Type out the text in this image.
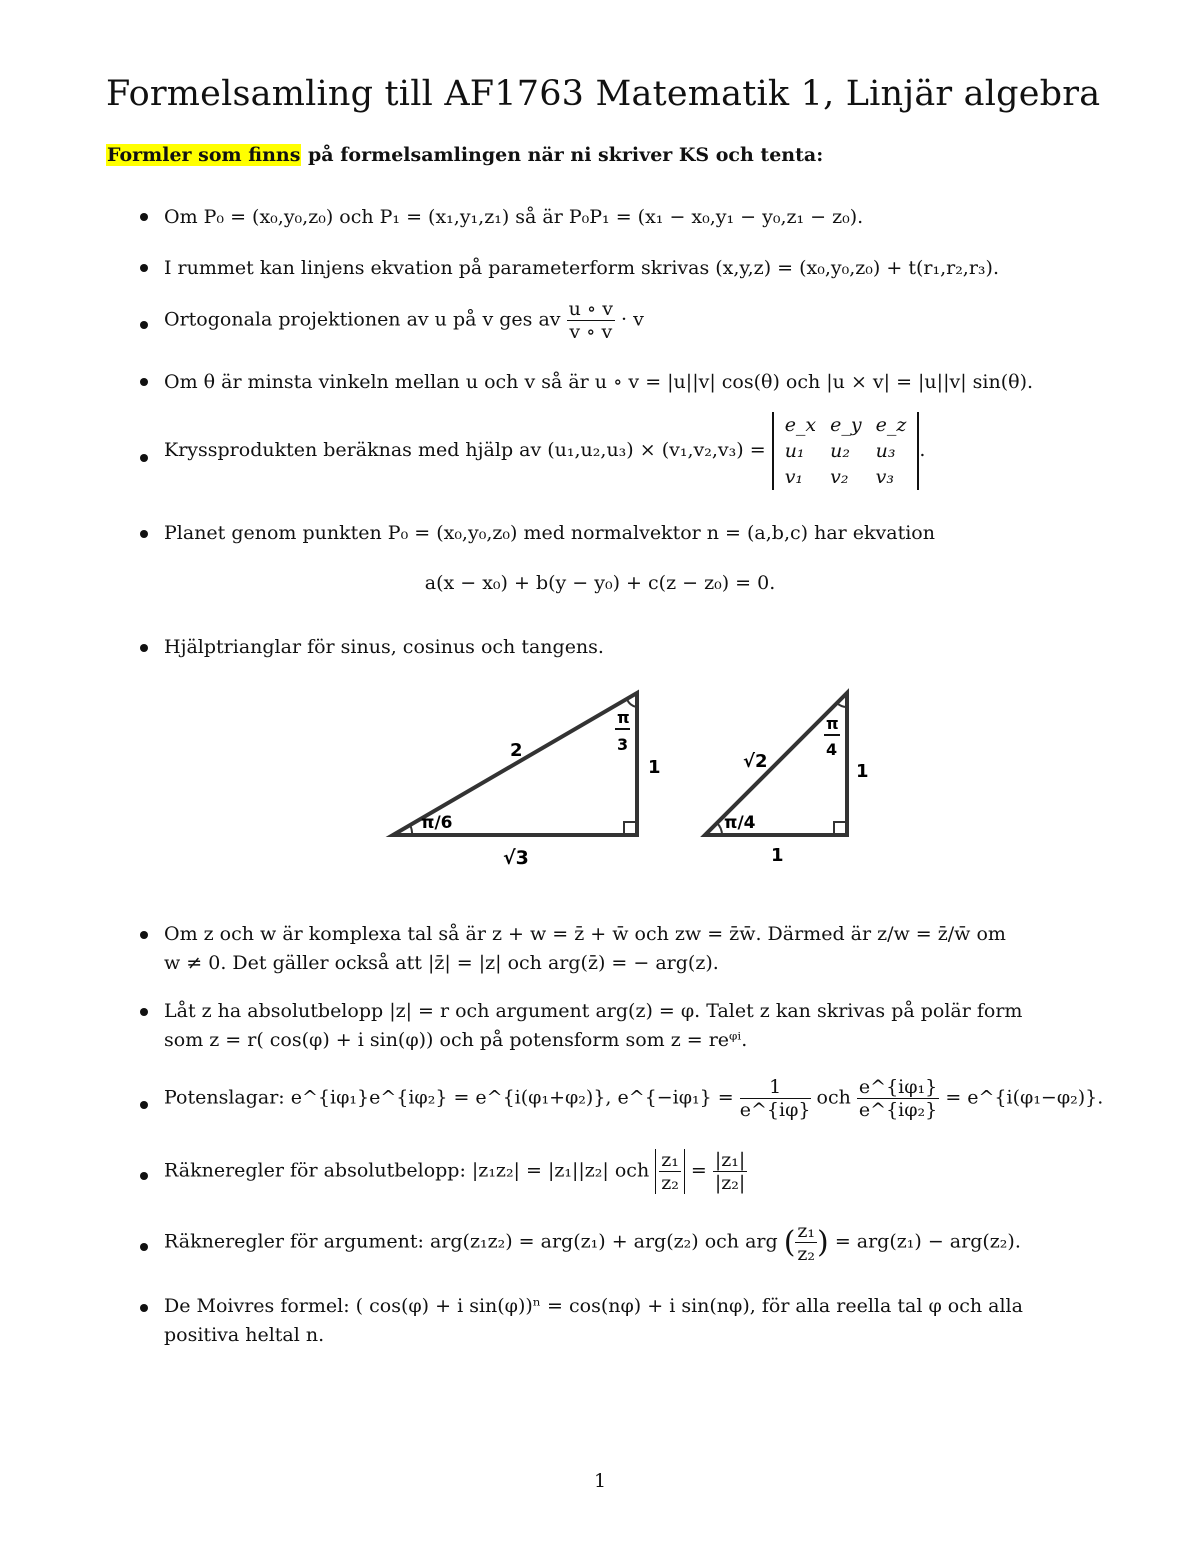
Formelsamling till AF1763 Matematik 1, Linjär algebra
Formler som finns på formelsamlingen när ni skriver KS och tenta:
Om P₀ = (x₀,y₀,z₀) och P₁ = (x₁,y₁,z₁) så är P₀P₁ = (x₁ − x₀,y₁ − y₀,z₁ − z₀).
I rummet kan linjens ekvation på parameterform skrivas (x,y,z) = (x₀,y₀,z₀) + t(r₁,r₂,r₃).
Ortogonala projektionen av u på v ges av $\frac{u \circ v}{v \circ v} \cdot v$
Om θ är minsta vinkeln mellan u och v så är u ∘ v = |u||v| cos(θ) och |u × v| = |u||v| sin(θ).
Kryssprodukten beräknas med hjälp av (u₁,u₂,u₃) × (v₁,v₂,v₃) =
e_x	e_y	e_z
u₁	u₂	u₃
v₁	v₂	v₃
.
Planet genom punkten P₀ = (x₀,y₀,z₀) med normalvektor n = (a,b,c) har ekvation
a(x − x₀) + b(y − y₀) + c(z − z₀) = 0.
Hjälptrianglar för sinus, cosinus och tangens.
2
1
√3
π/6
π
3
√2	1
1
π/4
π
4
Om z och w är komplexa tal så är z + w = z̄ + w̄ och zw = z̄w̄. Därmed är z/w = z̄/w̄ om
w ≠ 0. Det gäller också att |z̄| = |z| och arg(z̄) = − arg(z).
Låt z ha absolutbelopp |z| = r och argument arg(z) = φ. Talet z kan skrivas på polär form
som z = r( cos(φ) + i sin(φ)) och på potensform som z = reᵠⁱ.
Potenslagar: e^{iφ₁}e^{iφ₂} = e^{i(φ₁+φ₂)}, e^{−iφ₁} = $\frac{1}{e\^{}\{i\varphi\}}$ och $\frac{\text{e\textasciicircum{}\{iφ₁\}}}{\text{e\textasciicircum{}\{iφ₂\}}}$ = e^{i(φ₁−φ₂)}.
Räkneregler för absolutbelopp: |z₁z₂| = |z₁||z₂| och $\frac{\text{z₁}}{\text{z₂}} = \frac{\text{|z₁|}}{\text{|z₂|}}$
Räkneregler för argument: arg(z₁z₂) = arg(z₁) + arg(z₂) och arg ( $\frac{\text{z₁}}{\text{z₂}}$ ) = arg(z₁) − arg(z₂).
De Moivres formel: ( cos(φ) + i sin(φ))ⁿ = cos(nφ) + i sin(nφ), för alla reella tal φ och alla
positiva heltal n.
1
